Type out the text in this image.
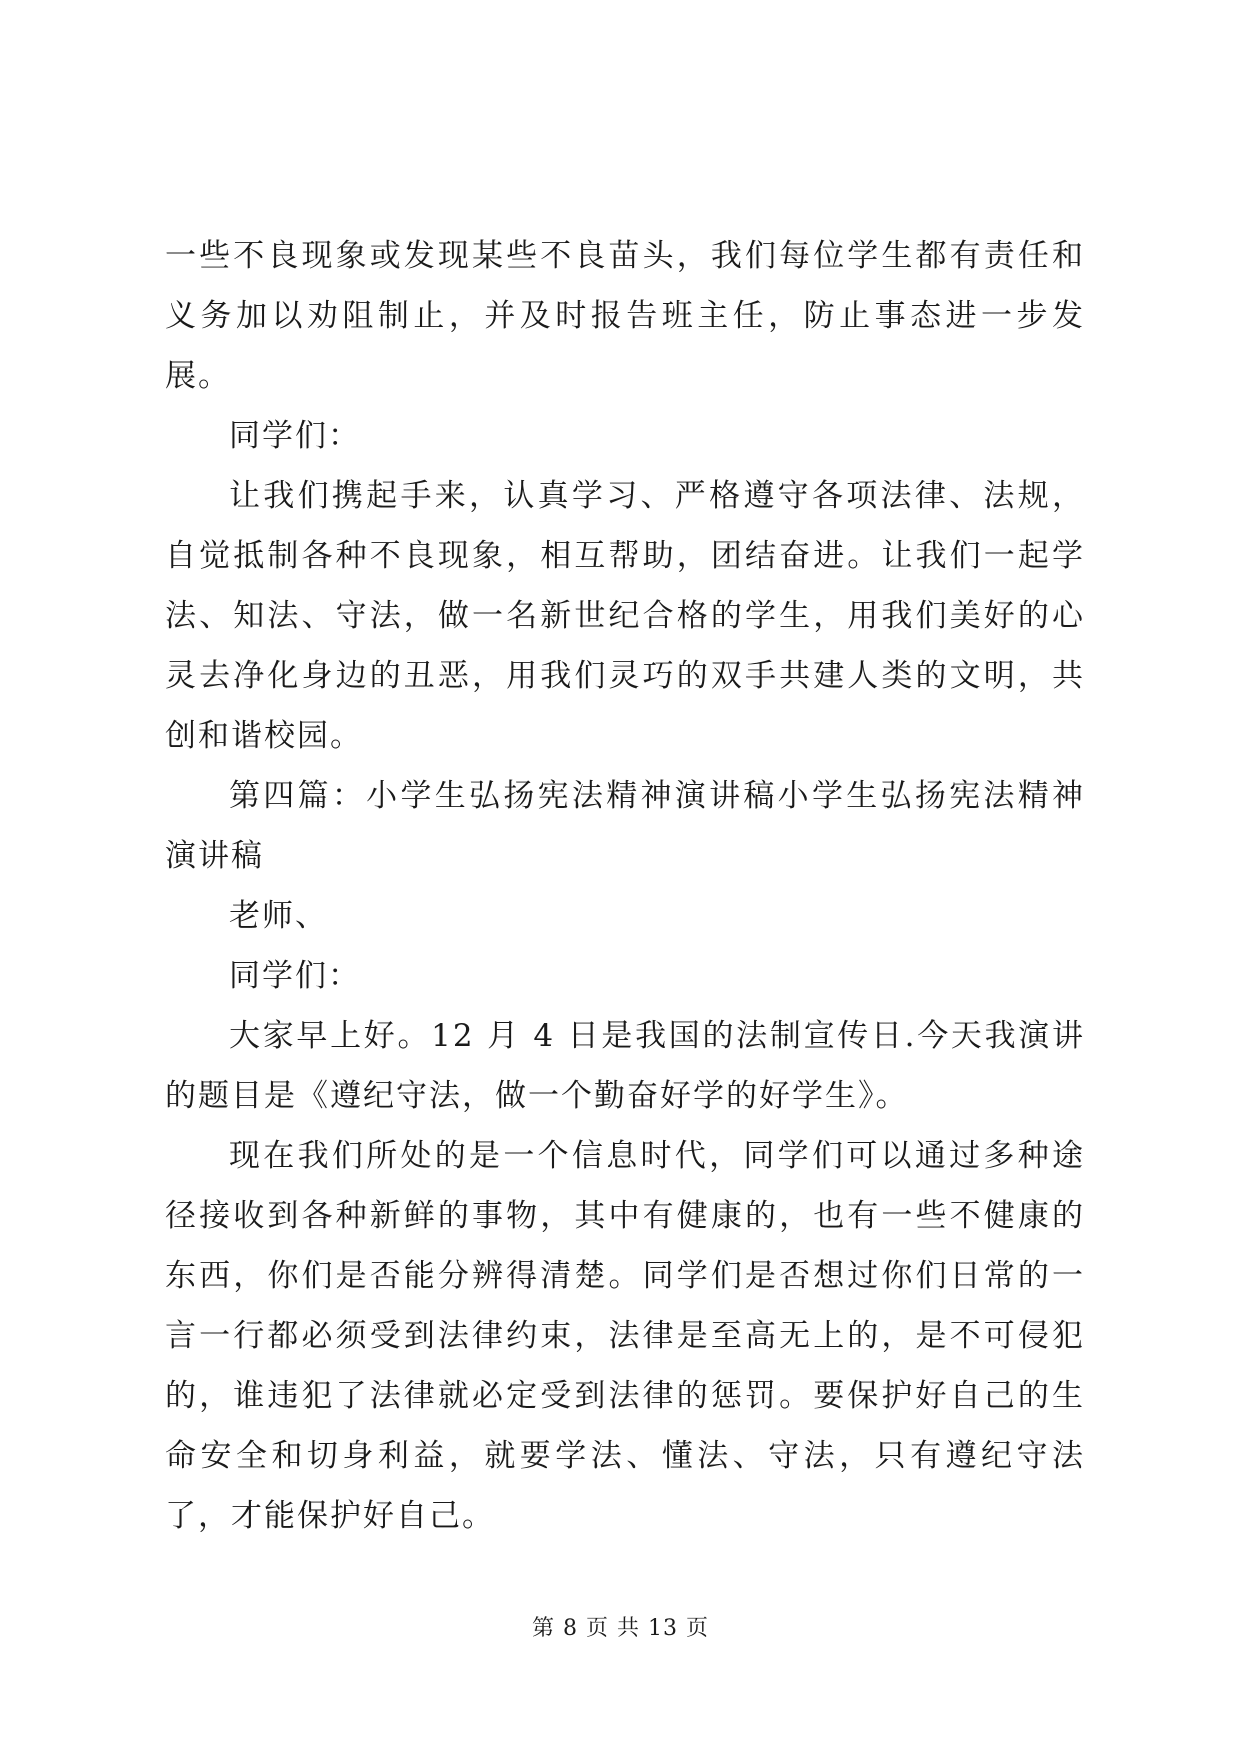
一些不良现象或发现某些不良苗头，我们每位学生都有责任和义务加以劝阻制止，并及时报告班主任，防止事态进一步发展。

同学们：

让我们携起手来，认真学习、严格遵守各项法律、法规，自觉抵制各种不良现象，相互帮助，团结奋进。让我们一起学法、知法、守法，做一名新世纪合格的学生，用我们美好的心灵去净化身边的丑恶，用我们灵巧的双手共建人类的文明，共创和谐校园。

第四篇：小学生弘扬宪法精神演讲稿小学生弘扬宪法精神演讲稿

老师、

同学们：

大家早上好。12 月 4 日是我国的法制宣传日.今天我演讲的题目是《遵纪守法，做一个勤奋好学的好学生》。

现在我们所处的是一个信息时代，同学们可以通过多种途径接收到各种新鲜的事物，其中有健康的，也有一些不健康的东西，你们是否能分辨得清楚。同学们是否想过你们日常的一言一行都必须受到法律约束，法律是至高无上的，是不可侵犯的，谁违犯了法律就必定受到法律的惩罚。要保护好自己的生命安全和切身利益，就要学法、懂法、守法，只有遵纪守法了，才能保护好自己。

第 8 页 共 13 页
